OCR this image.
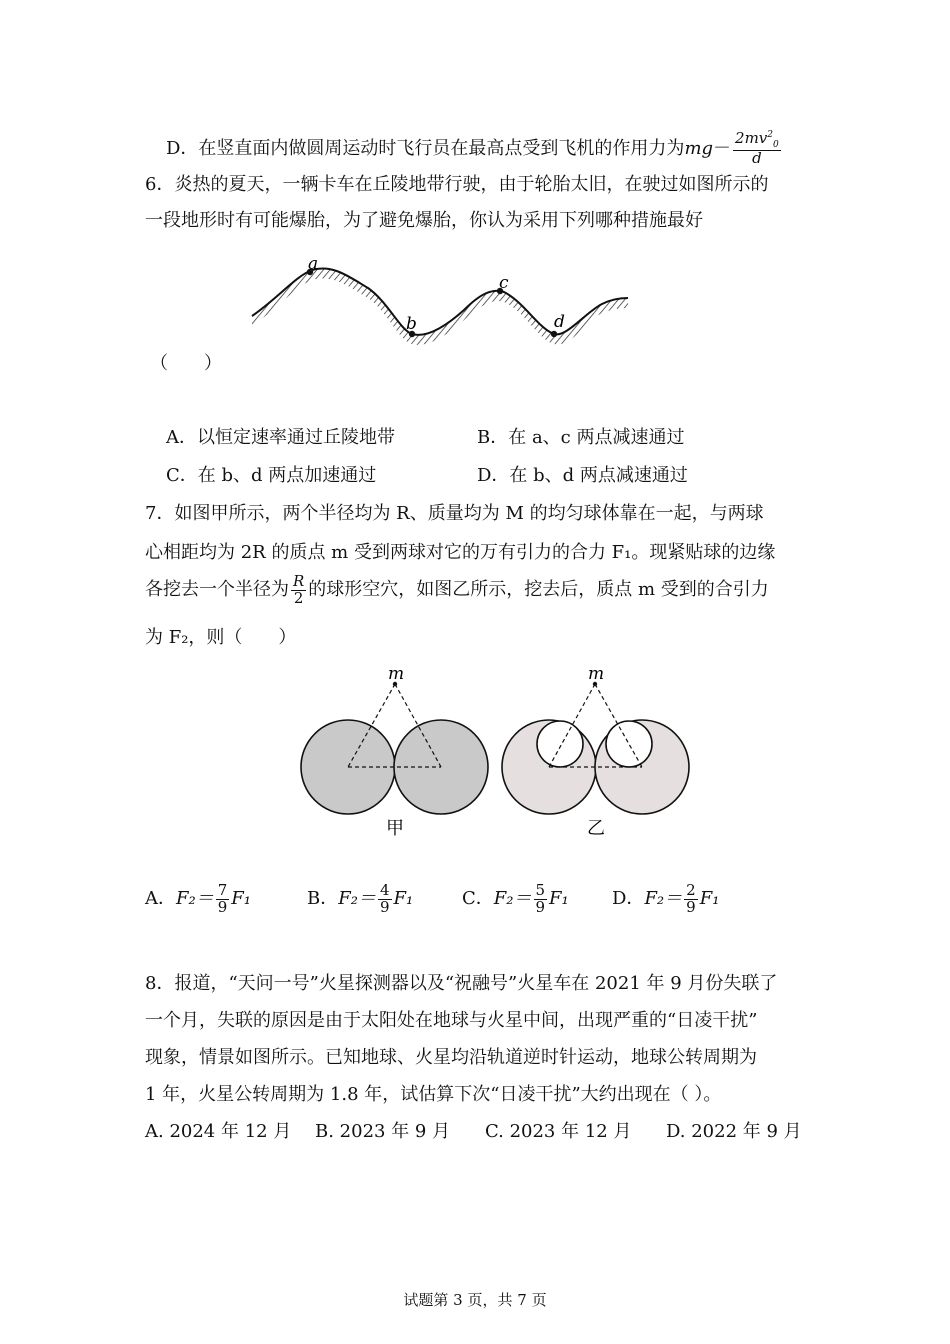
D．在竖直面内做圆周运动时飞行员在最高点受到飞机的作用力为$mg- \frac{2mv^2_0}{d}$
6．炎热的夏天，一辆卡车在丘陵地带行驶，由于轮胎太旧，在驶过如图所示的
一段地形时有可能爆胎，为了避免爆胎，你认为采用下列哪种措施最好
a
b
c
d
（　　）
A．以恒定速率通过丘陵地带	B．在 a、c 两点减速通过
C．在 b、d 两点加速通过	D．在 b、d 两点减速通过
7．如图甲所示，两个半径均为 R、质量均为 M 的均匀球体靠在一起，与两球
心相距均为 2R 的质点 m 受到两球对它的万有引力的合力 F₁。现紧贴球的边缘
各挖去一个半径为 $\frac{R}{2}$ 的球形空穴，如图乙所示，挖去后，质点 m 受到的合引力
为 F₂，则（　　）
m
甲
m
乙
A． $F_2= \frac{7}{9} F_1$	B． $F_2= \frac{4}{9} F_1$	C． $F_2= \frac{5}{9} F_1$ D． $F_2= \frac{2}{9} F_1$
8．报道，“天问一号”火星探测器以及“祝融号”火星车在 2021 年 9 月份失联了
一个月，失联的原因是由于太阳处在地球与火星中间，出现严重的“日凌干扰”
现象，情景如图所示。已知地球、火星均沿轨道逆时针运动，地球公转周期为
1 年，火星公转周期为 1.8 年，试估算下次“日凌干扰”大约出现在（ ）。
A. 2024 年 12 月 B. 2023 年 9 月 C. 2023 年 12 月 D. 2022 年 9 月
试题第 3 页，共 7 页
